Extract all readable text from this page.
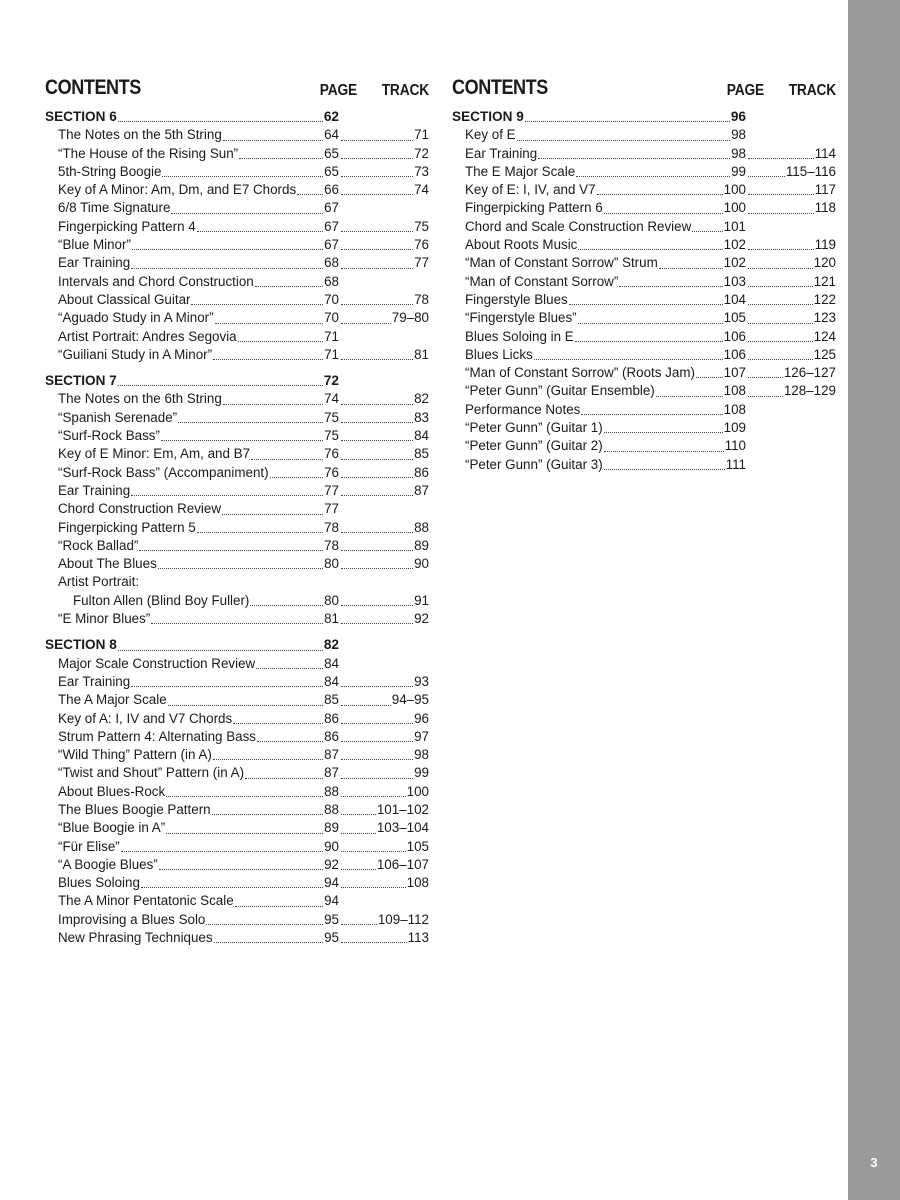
CONTENTS	PAGE	TRACK
SECTION 6	62
The Notes on the 5th String	64	71
“The House of the Rising Sun”	65	72
5th-String Boogie	65	73
Key of A Minor: Am, Dm, and E7 Chords 66	74
6/8 Time Signature	67
Fingerpicking Pattern 4	67	75
“Blue Minor”	67	76
Ear Training	68	77
Intervals and Chord Construction	68
About Classical Guitar	70	78
“Aguado Study in A Minor”	70	79–80
Artist Portrait: Andres Segovia	71
“Guiliani Study in A Minor”	71	81
SECTION 7	72
The Notes on the 6th String	74	82
“Spanish Serenade”	75	83
“Surf-Rock Bass”	75	84
Key of E Minor: Em, Am, and B7	76	85
“Surf-Rock Bass” (Accompaniment)	76	86
Ear Training	77	87
Chord Construction Review	77
Fingerpicking Pattern 5	78	88
“Rock Ballad”	78	89
About The Blues	80	90
Artist Portrait:
Fulton Allen (Blind Boy Fuller)	80	91
“E Minor Blues”	81	92
SECTION 8	82
Major Scale Construction Review	84
Ear Training	84	93
The A Major Scale	85	94–95
Key of A: I, IV and V7 Chords	86	96
Strum Pattern 4: Alternating Bass	86	97
“Wild Thing” Pattern (in A)	87	98
“Twist and Shout” Pattern (in A)	87	99
About Blues-Rock	88	100
The Blues Boogie Pattern	88	101–102
“Blue Boogie in A”	89	103–104
“Für Elise”	90	105
“A Boogie Blues”	92	106–107
Blues Soloing	94	108
The A Minor Pentatonic Scale	94
Improvising a Blues Solo	95	109–112
New Phrasing Techniques	95	113
CONTENTS	PAGE	TRACK
SECTION 9	96
Key of E	98
Ear Training	98	114
The E Major Scale	99	115–116
Key of E: I, IV, and V7	100	117
Fingerpicking Pattern 6	100	118
Chord and Scale Construction Review 101
About Roots Music	102	119
“Man of Constant Sorrow” Strum	102	120
“Man of Constant Sorrow”	103	121
Fingerstyle Blues	104	122
“Fingerstyle Blues”	105	123
Blues Soloing in E	106	124
Blues Licks	106	125
“Man of Constant Sorrow” (Roots Jam) 107	126–127
“Peter Gunn” (Guitar Ensemble)	108	128–129
Performance Notes	108
“Peter Gunn” (Guitar 1)	109
“Peter Gunn” (Guitar 2)	110
“Peter Gunn” (Guitar 3)	111
3
